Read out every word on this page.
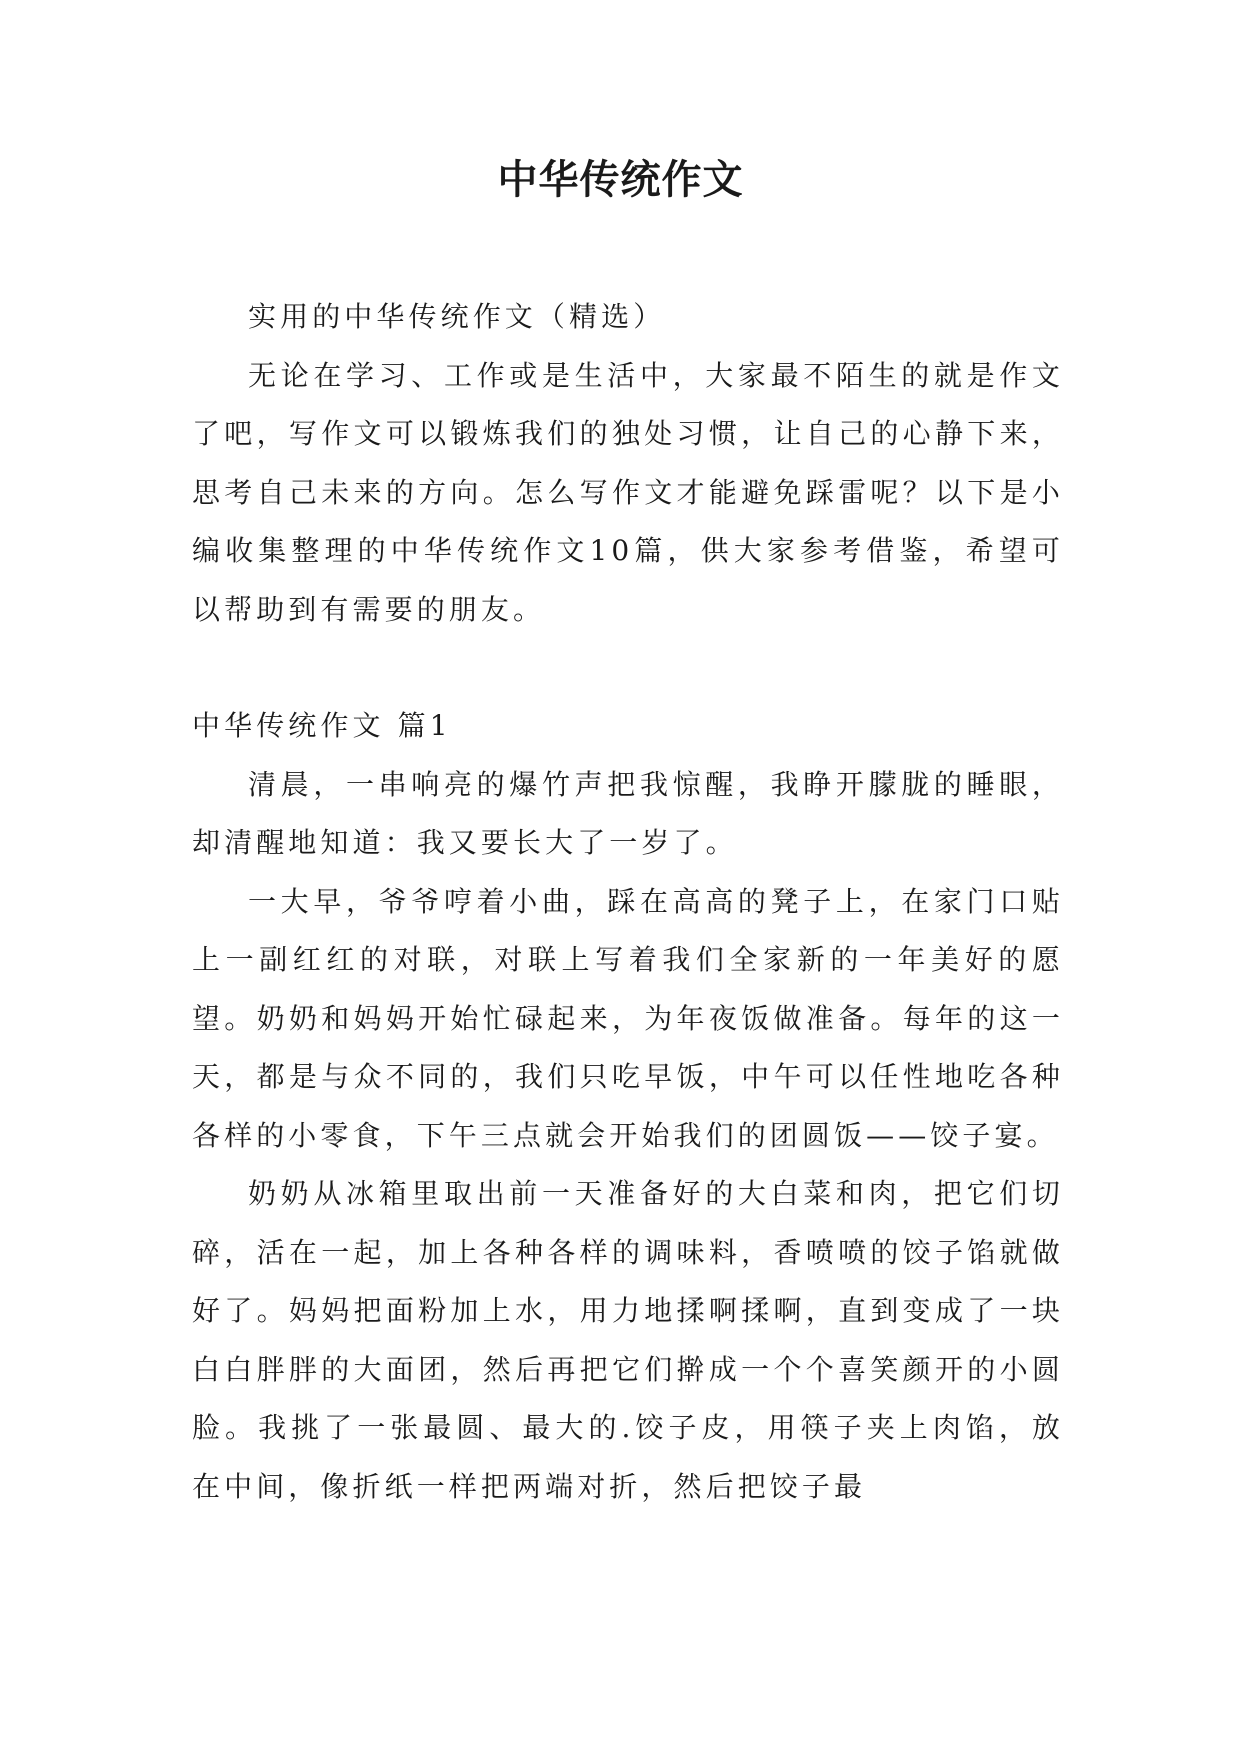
中华传统作文

实用的中华传统作文（精选）

无论在学习、工作或是生活中，大家最不陌生的就是作文了吧，写作文可以锻炼我们的独处习惯，让自己的心静下来，思考自己未来的方向。怎么写作文才能避免踩雷呢？以下是小编收集整理的中华传统作文10篇，供大家参考借鉴，希望可以帮助到有需要的朋友。

中华传统作文 篇1

清晨，一串响亮的爆竹声把我惊醒，我睁开朦胧的睡眼，却清醒地知道：我又要长大了一岁了。

一大早，爷爷哼着小曲，踩在高高的凳子上，在家门口贴上一副红红的对联，对联上写着我们全家新的一年美好的愿望。奶奶和妈妈开始忙碌起来，为年夜饭做准备。每年的这一天，都是与众不同的，我们只吃早饭，中午可以任性地吃各种各样的小零食，下午三点就会开始我们的团圆饭——饺子宴。

奶奶从冰箱里取出前一天准备好的大白菜和肉，把它们切碎，活在一起，加上各种各样的调味料，香喷喷的饺子馅就做好了。妈妈把面粉加上水，用力地揉啊揉啊，直到变成了一块白白胖胖的大面团，然后再把它们擀成一个个喜笑颜开的小圆脸。我挑了一张最圆、最大的.饺子皮，用筷子夹上肉馅，放在中间，像折纸一样把两端对折，然后把饺子最
